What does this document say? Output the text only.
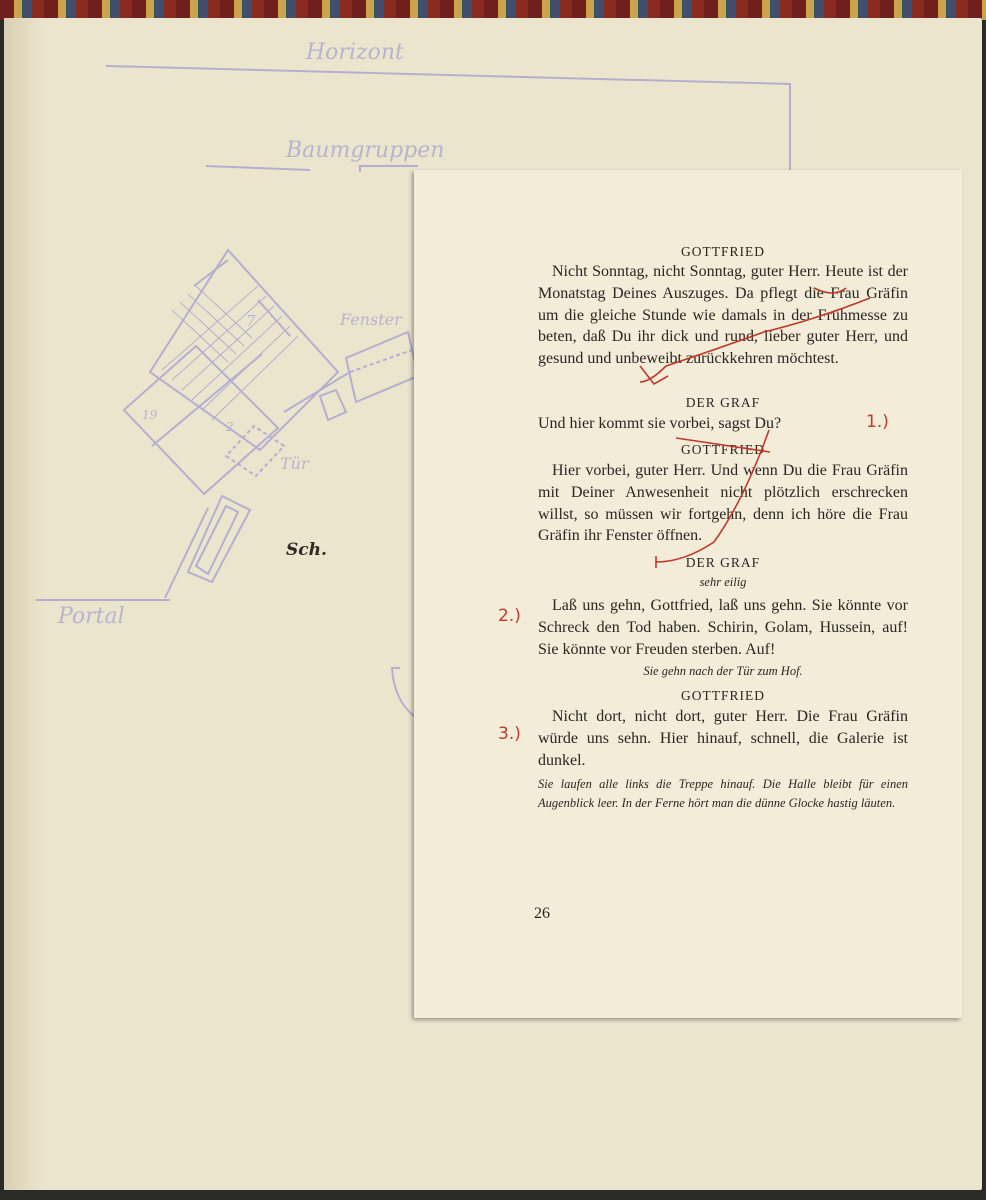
Horizont
Baumgruppen
Fenster
Tür
Portal
7
19
2
Sch.
GOTTFRIED
Nicht Sonntag, nicht Sonntag, guter Herr. Heute ist der Monatstag Deines Auszuges. Da pflegt die Frau Gräfin um die gleiche Stunde wie damals in der Frühmesse zu beten, daß Du ihr dick und rund, lieber guter Herr, und gesund und unbeweibt zurückkehren möchtest.
DER GRAF
Und hier kommt sie vorbei, sagst Du?
GOTTFRIED
Hier vorbei, guter Herr. Und wenn Du die Frau Gräfin mit Deiner Anwesenheit nicht plötzlich erschrecken willst, so müssen wir fortgehn, denn ich höre die Frau Gräfin ihr Fenster öffnen.
DER GRAF
sehr eilig
Laß uns gehn, Gottfried, laß uns gehn. Sie könnte vor Schreck den Tod haben. Schirin, Golam, Hussein, auf! Sie könnte vor Freuden sterben. Auf!
Sie gehn nach der Tür zum Hof.
GOTTFRIED
Nicht dort, nicht dort, guter Herr. Die Frau Gräfin würde uns sehn. Hier hinauf, schnell, die Galerie ist dunkel.
Sie laufen alle links die Treppe hinauf. Die Halle bleibt für einen Augenblick leer. In der Ferne hört man die dünne Glocke hastig läuten.
26
1.)
2.)
3.)
